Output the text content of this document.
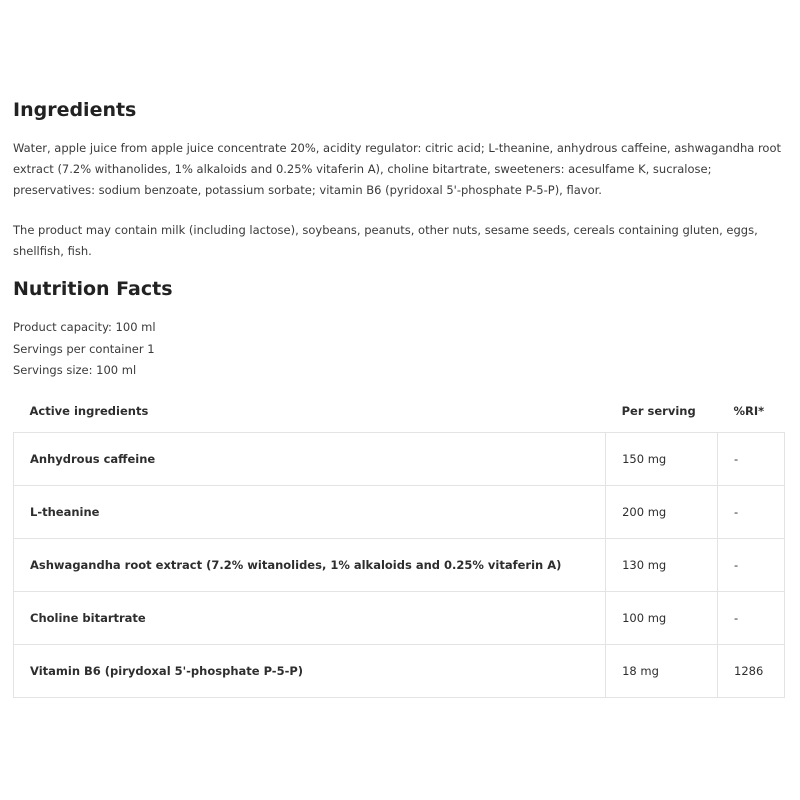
Ingredients

Water, apple juice from apple juice concentrate 20%, acidity regulator: citric acid; L-theanine, anhydrous caffeine, ashwagandha root extract (7.2% withanolides, 1% alkaloids and 0.25% vitaferin A), choline bitartrate, sweeteners: acesulfame K, sucralose; preservatives: sodium benzoate, potassium sorbate; vitamin B6 (pyridoxal 5'-phosphate P-5-P), flavor.

The product may contain milk (including lactose), soybeans, peanuts, other nuts, sesame seeds, cereals containing gluten, eggs, shellfish, fish.

Nutrition Facts
Product capacity: 100 ml
Servings per container 1
Servings size: 100 ml
Active ingredients	Per serving	%RI*
Anhydrous caffeine	150 mg	-
L-theanine	200 mg	-
Ashwagandha root extract (7.2% witanolides, 1% alkaloids and 0.25% vitaferin A)	130 mg	-
Choline bitartrate	100 mg	-
Vitamin B6 (pirydoxal 5'-phosphate P-5-P)	18 mg	1286
